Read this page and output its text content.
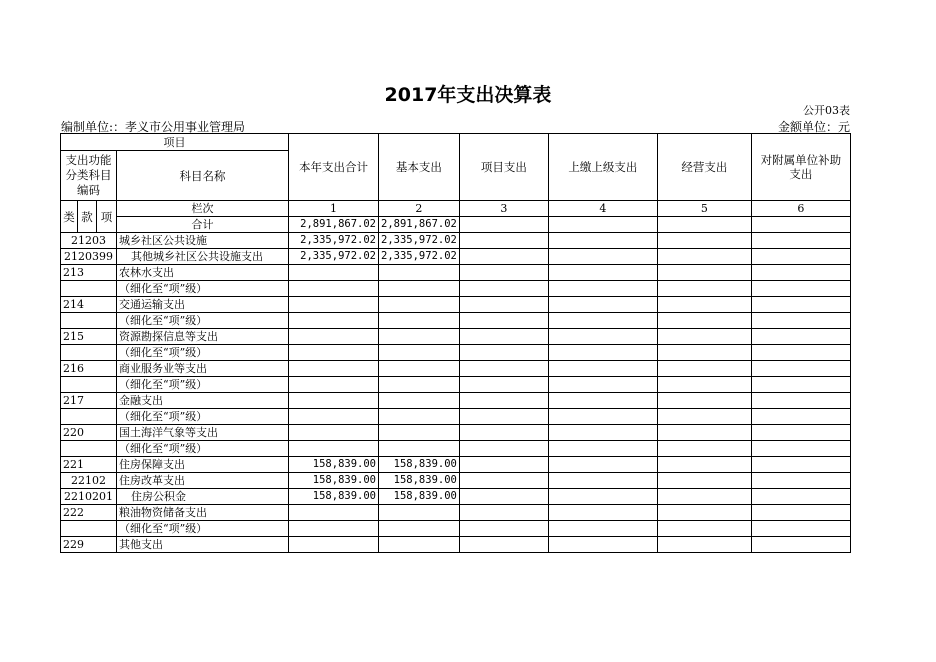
2017年支出决算表
公开03表
编制单位:：孝义市公用事业管理局	金额单位：元
项目				本年支出合计	基本支出	项目支出	上缴上级支出	经营支出	对附属单位补助支出
支出功能分类科目编码			科目名称						

类	款	项	栏次	1	2	3	4	5	6
			合计	2,891,867.02	2,891,867.02				
21203			城乡社区公共设施	2,335,972.02	2,335,972.02				
2120399			其他城乡社区公共设施支出	2,335,972.02	2,335,972.02				
213			农林水支出						
			（细化至“项”级）						
214			交通运输支出						
			（细化至“项”级）						
215			资源勘探信息等支出						
			（细化至“项”级）						
216			商业服务业等支出						
			（细化至“项”级）						
217			金融支出						
			（细化至“项”级）						
220			国土海洋气象等支出						
			（细化至“项”级）						
221			住房保障支出	158,839.00	158,839.00				
22102			住房改革支出	158,839.00	158,839.00				
2210201			住房公积金	158,839.00	158,839.00				
222			粮油物资储备支出						
			（细化至“项”级）						
229			其他支出						
